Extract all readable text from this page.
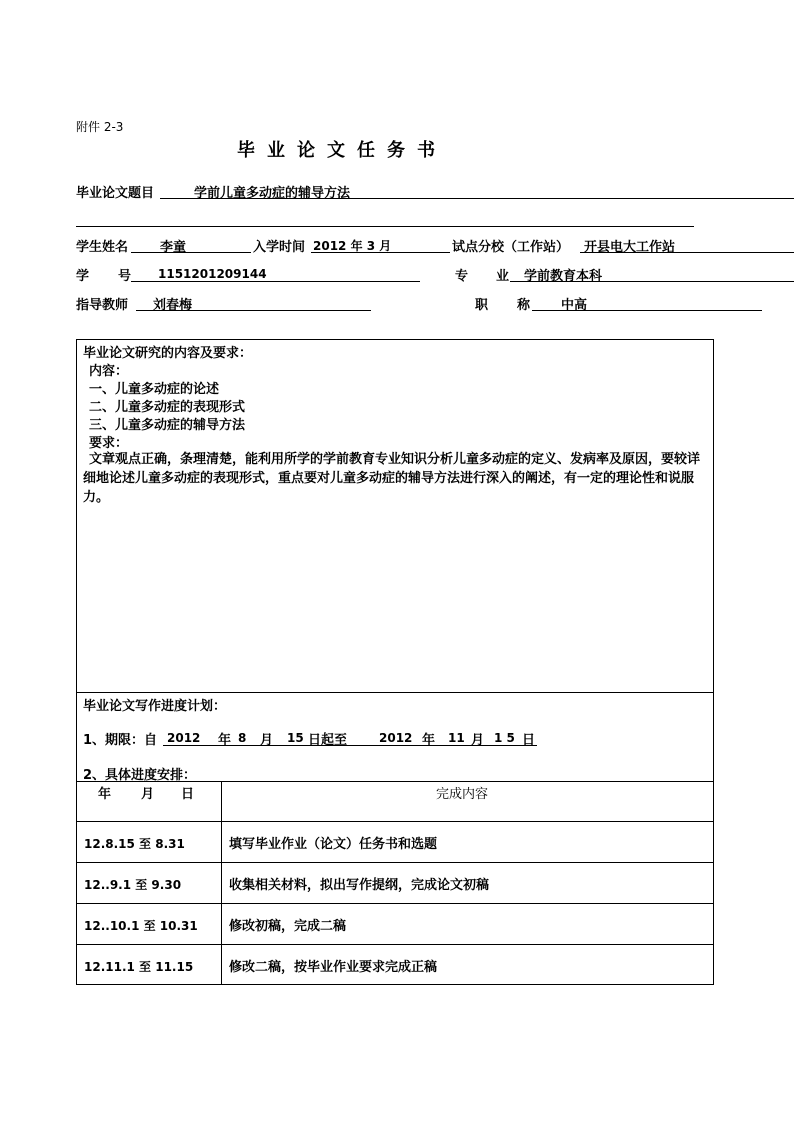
附件 2-3
毕业论文任务书
毕业论文题目	学前儿童多动症的辅导方法
学生姓名 李童	入学时间 2012 年 3 月	试点分校（工作站） 开县电大工作站
学 号 1151201209144	专 业 学前教育本科
指导教师 刘春梅	职 称 中高
毕业论文研究的内容及要求：
内容：
一、儿童多动症的论述
二、儿童多动症的表现形式
三、儿童多动症的辅导方法
要求：
文章观点正确，条理清楚，能利用所学的学前教育专业知识分析儿童多动症的定义、发病率及原因，要较详细地论述儿童多动症的表现形式，重点要对儿童多动症的辅导方法进行深入的阐述，有一定的理论性和说服力。
毕业论文写作进度计划：
1、期限：自 2012 年 8 月 15 日起至	2012 年 11 月 1 5 日
2、具体进度安排：
年 月 日	完成内容
12.8.15 至 8.31	填写毕业作业（论文）任务书和选题
12..9.1 至 9.30	收集相关材料，拟出写作提纲，完成论文初稿
12..10.1 至 10.31 修改初稿，完成二稿
12.11.1 至 11.15	修改二稿，按毕业作业要求完成正稿
